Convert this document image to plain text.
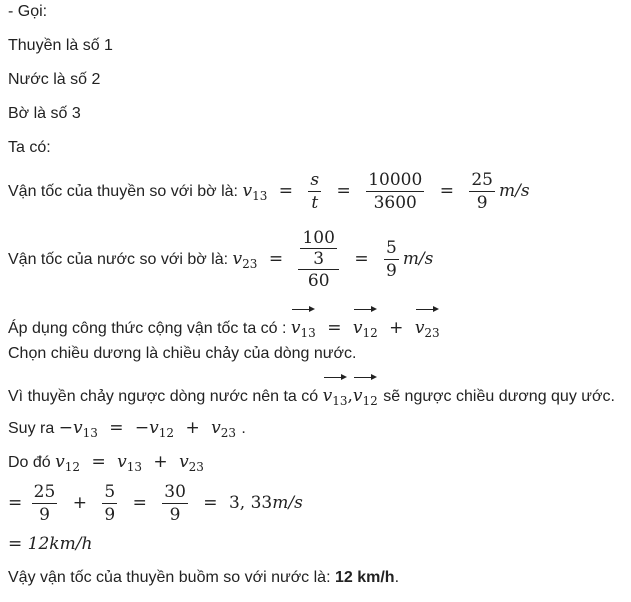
- Gọi:
Thuyền là số 1
Nước là số 2
Bờ là số 3
Ta có:
Vận tốc của thuyền so với bờ là: $v_{13} = \frac{s}{t} = \frac{10000}{3600} = \frac{25}{9} m/s$
Vận tốc của nước so với bờ là: $v_{23} = \frac{\frac{100}{3}}{60} = \frac{5}{9} m/s$
Áp dụng công thức cộng vận tốc ta có : $v_{13} = v_{12} + v_{23}$
Chọn chiều dương là chiều chảy của dòng nước.
Vì thuyền chảy ngược dòng nước nên ta có $v_{13},v_{12}$ sẽ ngược chiều dương quy ước.
Suy ra $-v_{13} = -v_{12} + v_{23}$ .
Do đó $v_{12} = v_{13} + v_{23}$
= $\frac{25}{9} + \frac{5}{9} = \frac{30}{9} = 3$, 33m/s
= 12km/h
Vậy vận tốc của thuyền buồm so với nước là: 12 km/h.
